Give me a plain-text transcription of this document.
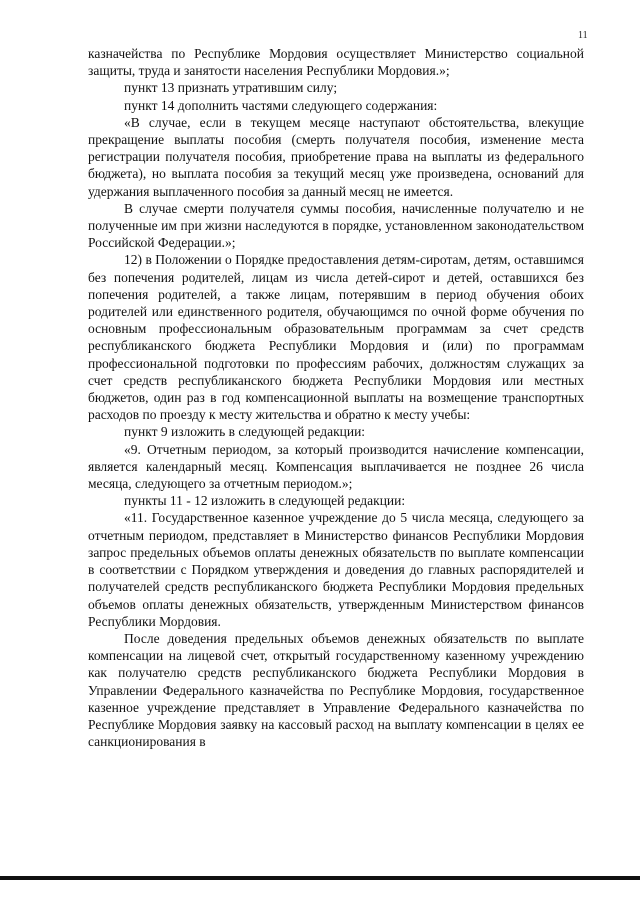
11

казначейства по Республике Мордовия осуществляет Министерство социальной защиты, труда и занятости населения Республики Мордовия.»;

пункт 13 признать утратившим силу;

пункт 14 дополнить частями следующего содержания:

«В случае, если в текущем месяце наступают обстоятельства, влекущие прекращение выплаты пособия (смерть получателя пособия, изменение места регистрации получателя пособия, приобретение права на выплаты из федерального бюджета), но выплата пособия за текущий месяц уже произведена, оснований для удержания выплаченного пособия за данный месяц не имеется.

В случае смерти получателя суммы пособия, начисленные получателю и не полученные им при жизни наследуются в порядке, установленном законодательством Российской Федерации.»;

12) в Положении о Порядке предоставления детям-сиротам, детям, оставшимся без попечения родителей, лицам из числа детей-сирот и детей, оставшихся без попечения родителей, а также лицам, потерявшим в период обучения обоих родителей или единственного родителя, обучающимся по очной форме обучения по основным профессиональным образовательным программам за счет средств республиканского бюджета Республики Мордовия и (или) по программам профессиональной подготовки по профессиям рабочих, должностям служащих за счет средств республиканского бюджета Республики Мордовия или местных бюджетов, один раз в год компенсационной выплаты на возмещение транспортных расходов по проезду к месту жительства и обратно к месту учебы:

пункт 9 изложить в следующей редакции:

«9. Отчетным периодом, за который производится начисление компенсации, является календарный месяц. Компенсация выплачивается не позднее 26 числа месяца, следующего за отчетным периодом.»;

пункты 11 - 12 изложить в следующей редакции:

«11. Государственное казенное учреждение до 5 числа месяца, следующего за отчетным периодом, представляет в Министерство финансов Республики Мордовия запрос предельных объемов оплаты денежных обязательств по выплате компенсации в соответствии с Порядком утверждения и доведения до главных распорядителей и получателей средств республиканского бюджета Республики Мордовия предельных объемов оплаты денежных обязательств, утвержденным Министерством финансов Республики Мордовия.

После доведения предельных объемов денежных обязательств по выплате компенсации на лицевой счет, открытый государственному казенному учреждению как получателю средств республиканского бюджета Республики Мордовия в Управлении Федерального казначейства по Республике Мордовия, государственное казенное учреждение представляет в Управление Федерального казначейства по Республике Мордовия заявку на кассовый расход на выплату компенсации в целях ее санкционирования в
